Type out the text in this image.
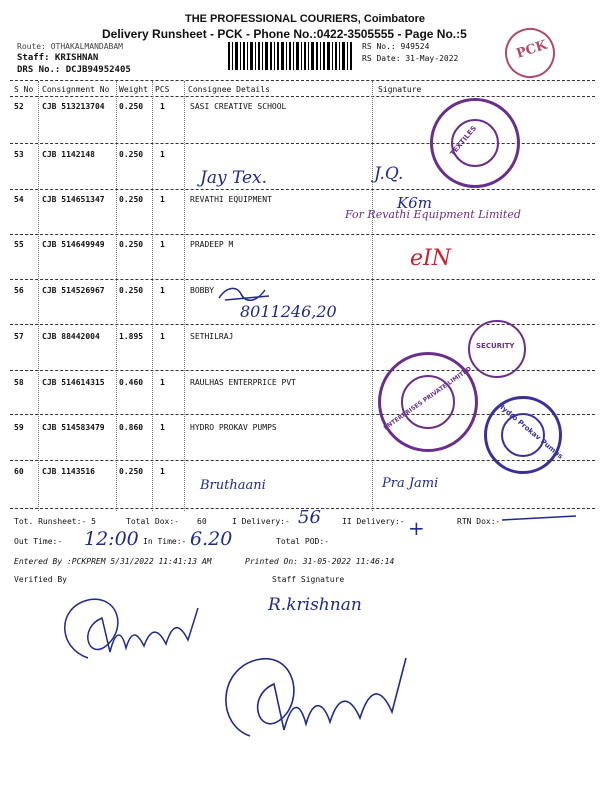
THE PROFESSIONAL COURIERS, Coimbatore
Delivery Runsheet - PCK - Phone No.:0422-3505555 - Page No.:5
Route: OTHAKALMANDABAM
Staff: KRISHNAN
DRS No.: DCJB94952405
RS No.: 949524
RS Date: 31-May-2022
S No Consignment No Weight PCS Consignee Details	Signature
52 CJB 513213704 0.250 1	SASI CREATIVE SCHOOL
53 CJB 1142148	0.250 1
54 CJB 514651347 0.250 1	REVATHI EQUIPMENT
55 CJB 514649949 0.250 1	PRADEEP M
56 CJB 514526967 0.250 1	BOBBY
57 CJB 88442004 1.895 1	SETHILRAJ
58 CJB 514614315 0.460 1	RAULHAS ENTERPRICE PVT
59 CJB 514583479 0.860 1	HYDRO PROKAV PUMPS
60 CJB 1143516	0.250 1
Jay Tex.	J.Q.
K6m
For Revathi Equipment Limited
eIN
8011246,20
Bruthaani	Pra Jami
PCK
TEXTILES
SECURITY
ENTERPRISES PRIVATE LIMITED	Hydro Prokav Pumps
Tot. Runsheet:- 5	Total Dox:- 60	I Delivery:- 56	II Delivery:- +	RTN Dox:-
Out Time:- 12:00 In Time:- 6.20	Total POD:-
Entered By :PCKPREM 5/31/2022 11:41:13 AM	Printed On: 31-05-2022 11:46:14
Verified By	Staff Signature
R.krishnan
